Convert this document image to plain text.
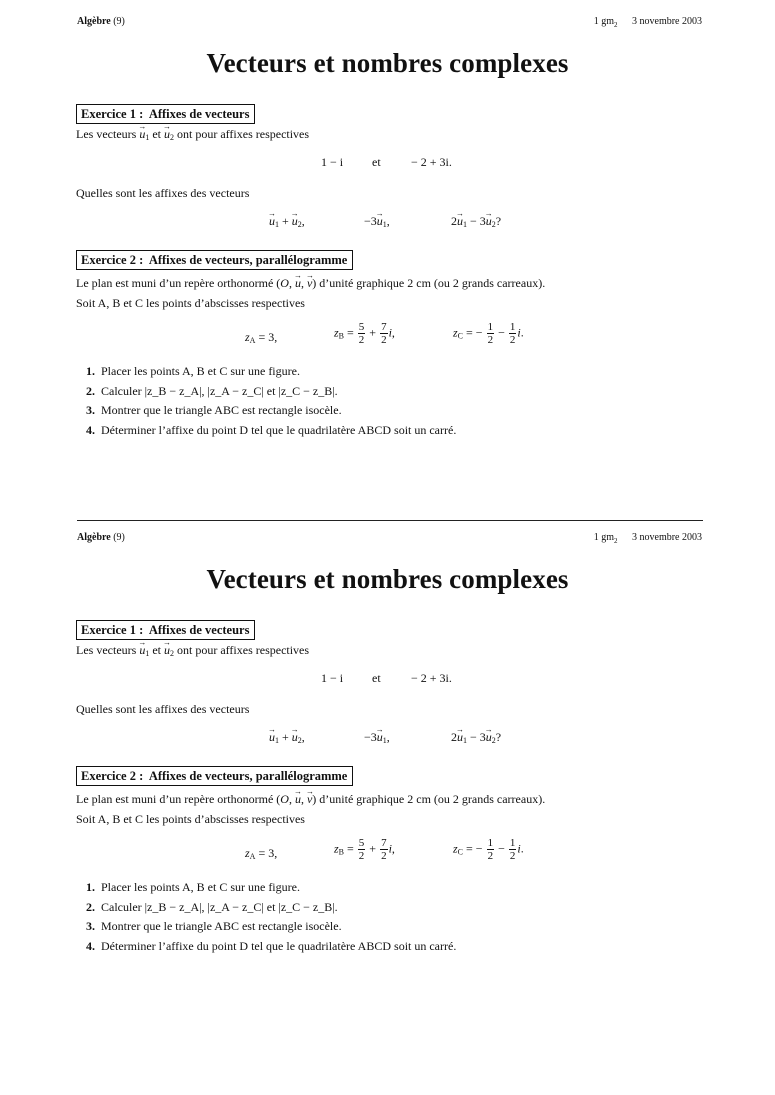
Algèbre (9)	1 $gm_2$ 3 novembre 2003
Vecteurs et nombres complexes
Exercice 1 : Affixes de vecteurs
Les vecteurs → $u_1$ et → $u_2$ ont pour affixes respectives
1 − i et	− 2 + 3i.
Quelles sont les affixes des vecteurs
→ $u_1$ + → $u_2$,	$-3\to u_1$,	$2\to u_1 - 3\to u_2$?
Exercice 2 : Affixes de vecteurs, parallélogramme
Le plan est muni d’un repère orthonormé (O, → u, → v) d’unité graphique 2 cm (ou 2 grands carreaux).
Soit A, B et C les points d’abscisses respectives
$z_A = 3$,	$z_B = \frac{5}{2} + \frac{7}{2} i$,	$z_C$ = − $\frac{1}{2} - \frac{1}{2} i$.
1. Placer les points A, B et C sur une figure.
2. Calculer |z_B − z_A|, |z_A − z_C| et |z_C − z_B|.
3. Montrer que le triangle ABC est rectangle isocèle.
4. Déterminer l’affixe du point D tel que le quadrilatère ABCD soit un carré.
Algèbre (9)	1 $gm_2$ 3 novembre 2003
Vecteurs et nombres complexes
Exercice 1 : Affixes de vecteurs
Les vecteurs → $u_1$ et → $u_2$ ont pour affixes respectives
1 − i et	− 2 + 3i.
Quelles sont les affixes des vecteurs
→ $u_1$ + → $u_2$,	$-3\to u_1$,	$2\to u_1 - 3\to u_2$?
Exercice 2 : Affixes de vecteurs, parallélogramme
Le plan est muni d’un repère orthonormé (O, → u, → v) d’unité graphique 2 cm (ou 2 grands carreaux).
Soit A, B et C les points d’abscisses respectives
$z_A = 3$,	$z_B = \frac{5}{2} + \frac{7}{2} i$,	$z_C$ = − $\frac{1}{2} - \frac{1}{2} i$.
1. Placer les points A, B et C sur une figure.
2. Calculer |z_B − z_A|, |z_A − z_C| et |z_C − z_B|.
3. Montrer que le triangle ABC est rectangle isocèle.
4. Déterminer l’affixe du point D tel que le quadrilatère ABCD soit un carré.
